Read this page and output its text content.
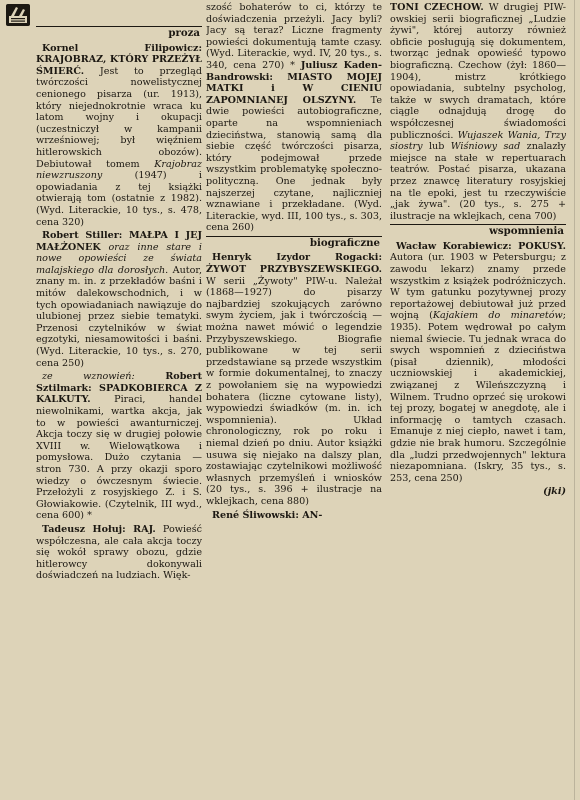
proza

Kornel Filipowicz: KRAJOBRAZ, KTÓRY PRZEŻYŁ ŚMIERĆ. Jest to przegląd twórczości nowelistycznej cenionego pisarza (ur. 1913), który niejednokrotnie wraca ku latom wojny i okupacji (uczestniczył w kampanii wrześniowej; był więźniem hitlerowskich obozów). Debiutował tomem Krajobraz niewzruszony (1947) i opowiadania z tej książki otwierają tom (ostatnie z 1982). (Wyd. Literackie, 10 tys., s. 478, cena 320)

Robert Stiller: MAŁPA I JEJ MAŁŻONEK oraz inne stare i nowe opowieści ze świata malajskiego dla dorosłych. Autor, znany m. in. z przekładów baśni i mitów dalekowschodnich, i w tych opowiadaniach nawiązuje do ulubionej przez siebie tematyki. Przenosi czytelników w świat egzotyki, niesamowitości i baśni. (Wyd. Literackie, 10 tys., s. 270, cena 250)

ze wznowień: Robert Sztilmark: SPADKOBIERCA Z KALKUTY. Piraci, handel niewolnikami, wartka akcja, jak to w powieści awanturniczej. Akcja toczy się w drugiej połowie XVIII w. Wielowątkowa i pomysłowa. Dużo czytania — stron 730. A przy okazji sporo wiedzy o ówczesnym świecie. Przełożyli z rosyjskiego Z. i S. Głowiakowie. (Czytelnik, III wyd., cena 600) *

Tadeusz Hołuj: RAJ. Powieść współczesna, ale cała akcja toczy się wokół sprawy obozu, gdzie hitlerowcy dokonywali doświadczeń na ludziach. Więk-

szość bohaterów to ci, którzy te doświadczenia przeżyli. Jacy byli? Jacy są teraz? Liczne fragmenty powieści dokumentują tamte czasy. (Wyd. Literackie, wyd. IV, 20 tys., s. 340, cena 270) * Juliusz Kaden-Bandrowski: MIASTO MOJEJ MATKI i W CIENIU ZAPOMNIANEJ OLSZYNY. Te dwie powieści autobiograficzne, oparte na wspomnieniach dzieciństwa, stanowią samą dla siebie część twórczości pisarza, który podejmował przede wszystkim problematykę społeczno-polityczną. One jednak były najszerzej czytane, najliczniej wznawiane i przekładane. (Wyd. Literackie, wyd. III, 100 tys., s. 303, cena 260)

biograficzne

Henryk Izydor Rogacki: ŻYWOT PRZYBYSZEWSKIEGO. W serii „Żywoty" PIW-u. Należał (1868—1927) do pisarzy najbardziej szokujących zarówno swym życiem, jak i twórczością — można nawet mówić o legendzie Przybyszewskiego. Biografie publikowane w tej serii przedstawiane są przede wszystkim w formie dokumentalnej, to znaczy z powołaniem się na wypowiedzi bohatera (liczne cytowane listy), wypowiedzi świadków (m. in. ich wspomnienia). Układ chronologiczny, rok po roku i niemal dzień po dniu. Autor książki usuwa się niejako na dalszy plan, zostawiając czytelnikowi możliwość własnych przemyśleń i wniosków (20 tys., s. 396 + ilustracje na wklejkach, cena 880)

René Śliwowski: AN-

TONI CZECHOW. W drugiej PIW-owskiej serii biograficznej „Ludzie żywi", której autorzy również obficie posługują się dokumentem, tworząc jednak opowieść typowo biograficzną. Czechow (żył: 1860—1904), mistrz krótkiego opowiadania, subtelny psycholog, także w swych dramatach, które ciągle odnajdują drogę do współczesnej świadomości publiczności. Wujaszek Wania, Trzy siostry lub Wiśniowy sad znalazły miejsce na stałe w repertuarach teatrów. Postać pisarza, ukazana przez znawcę literatury rosyjskiej na tle epoki, jest tu rzeczywiście „jak żywa". (20 tys., s. 275 + ilustracje na wklejkach, cena 700)

wspomnienia

Wacław Korabiewicz: POKUSY. Autora (ur. 1903 w Petersburgu; z zawodu lekarz) znamy przede wszystkim z książek podróżniczych. W tym gatunku pozytywnej prozy reportażowej debiutował już przed wojną (Kajakiem do minaretów; 1935). Potem wędrował po całym niemal świecie. Tu jednak wraca do swych wspomnień z dzieciństwa (pisał dziennik), młodości uczniowskiej i akademickiej, związanej z Wileńszczyzną i Wilnem. Trudno oprzeć się urokowi tej prozy, bogatej w anegdotę, ale i informację o tamtych czasach. Emanuje z niej ciepło, nawet i tam, gdzie nie brak humoru. Szczególnie dla „ludzi przedwojennych" lektura niezapomniana. (Iskry, 35 tys., s. 253, cena 250)

(jki)
